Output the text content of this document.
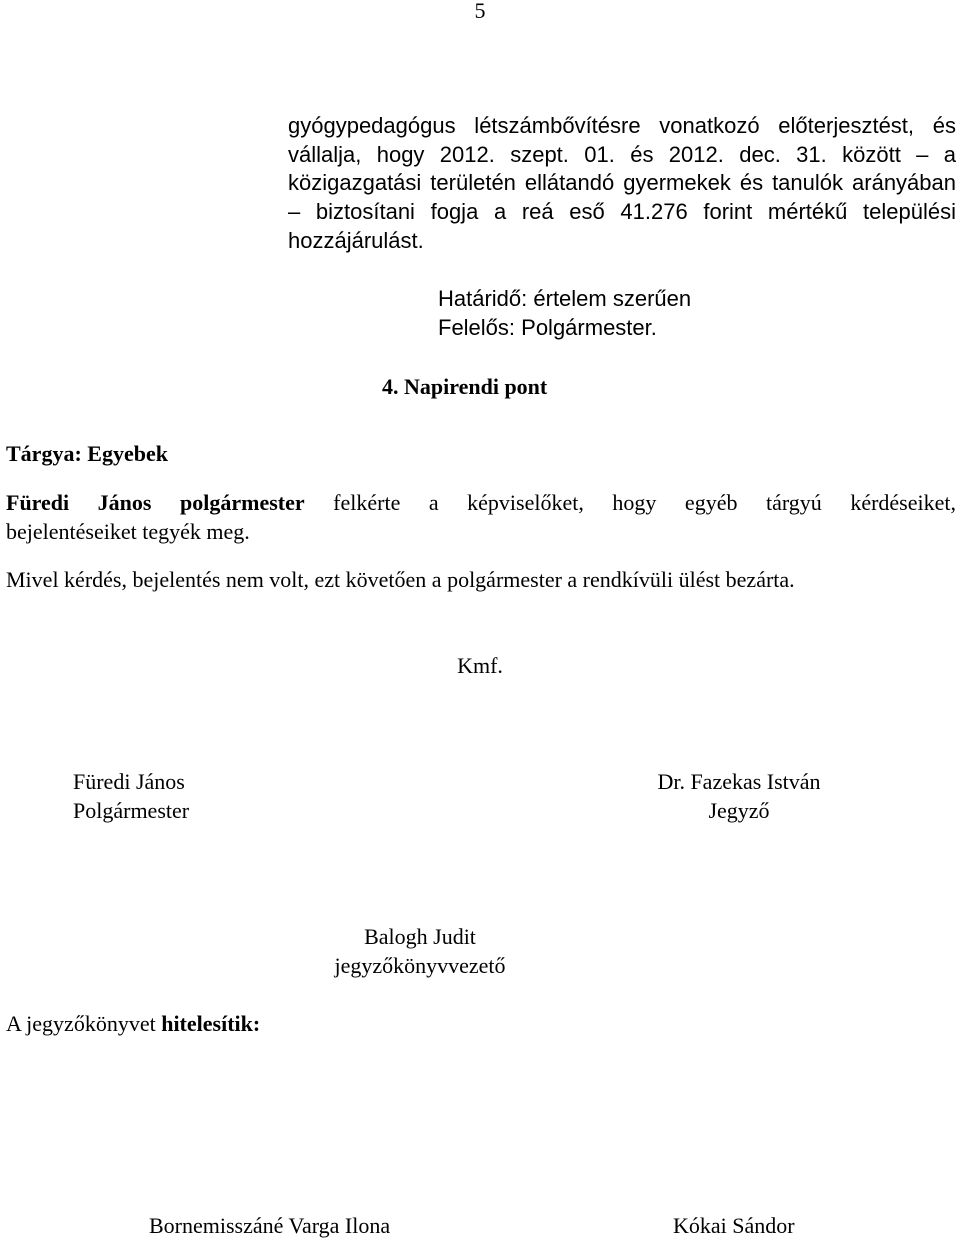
5
gyógypedagógus létszámbővítésre vonatkozó előterjesztést, és
vállalja, hogy 2012. szept. 01. és 2012. dec. 31. között – a
közigazgatási területén ellátandó gyermekek és tanulók arányában
– biztosítani fogja a reá eső 41.276 forint mértékű települési
hozzájárulást.
Határidő: értelem szerűen
Felelős: Polgármester.
4. Napirendi pont
Tárgya: Egyebek
Füredi János polgármester felkérte a képviselőket, hogy egyéb tárgyú kérdéseiket,
bejelentéseiket tegyék meg.
Mivel kérdés, bejelentés nem volt, ezt követően a polgármester a rendkívüli ülést bezárta.
Kmf.
Füredi János
Polgármester
Dr. Fazekas István
Jegyző
Balogh Judit
jegyzőkönyvvezető
A jegyzőkönyvet hitelesítik:
Bornemisszáné Varga Ilona	Kókai Sándor
